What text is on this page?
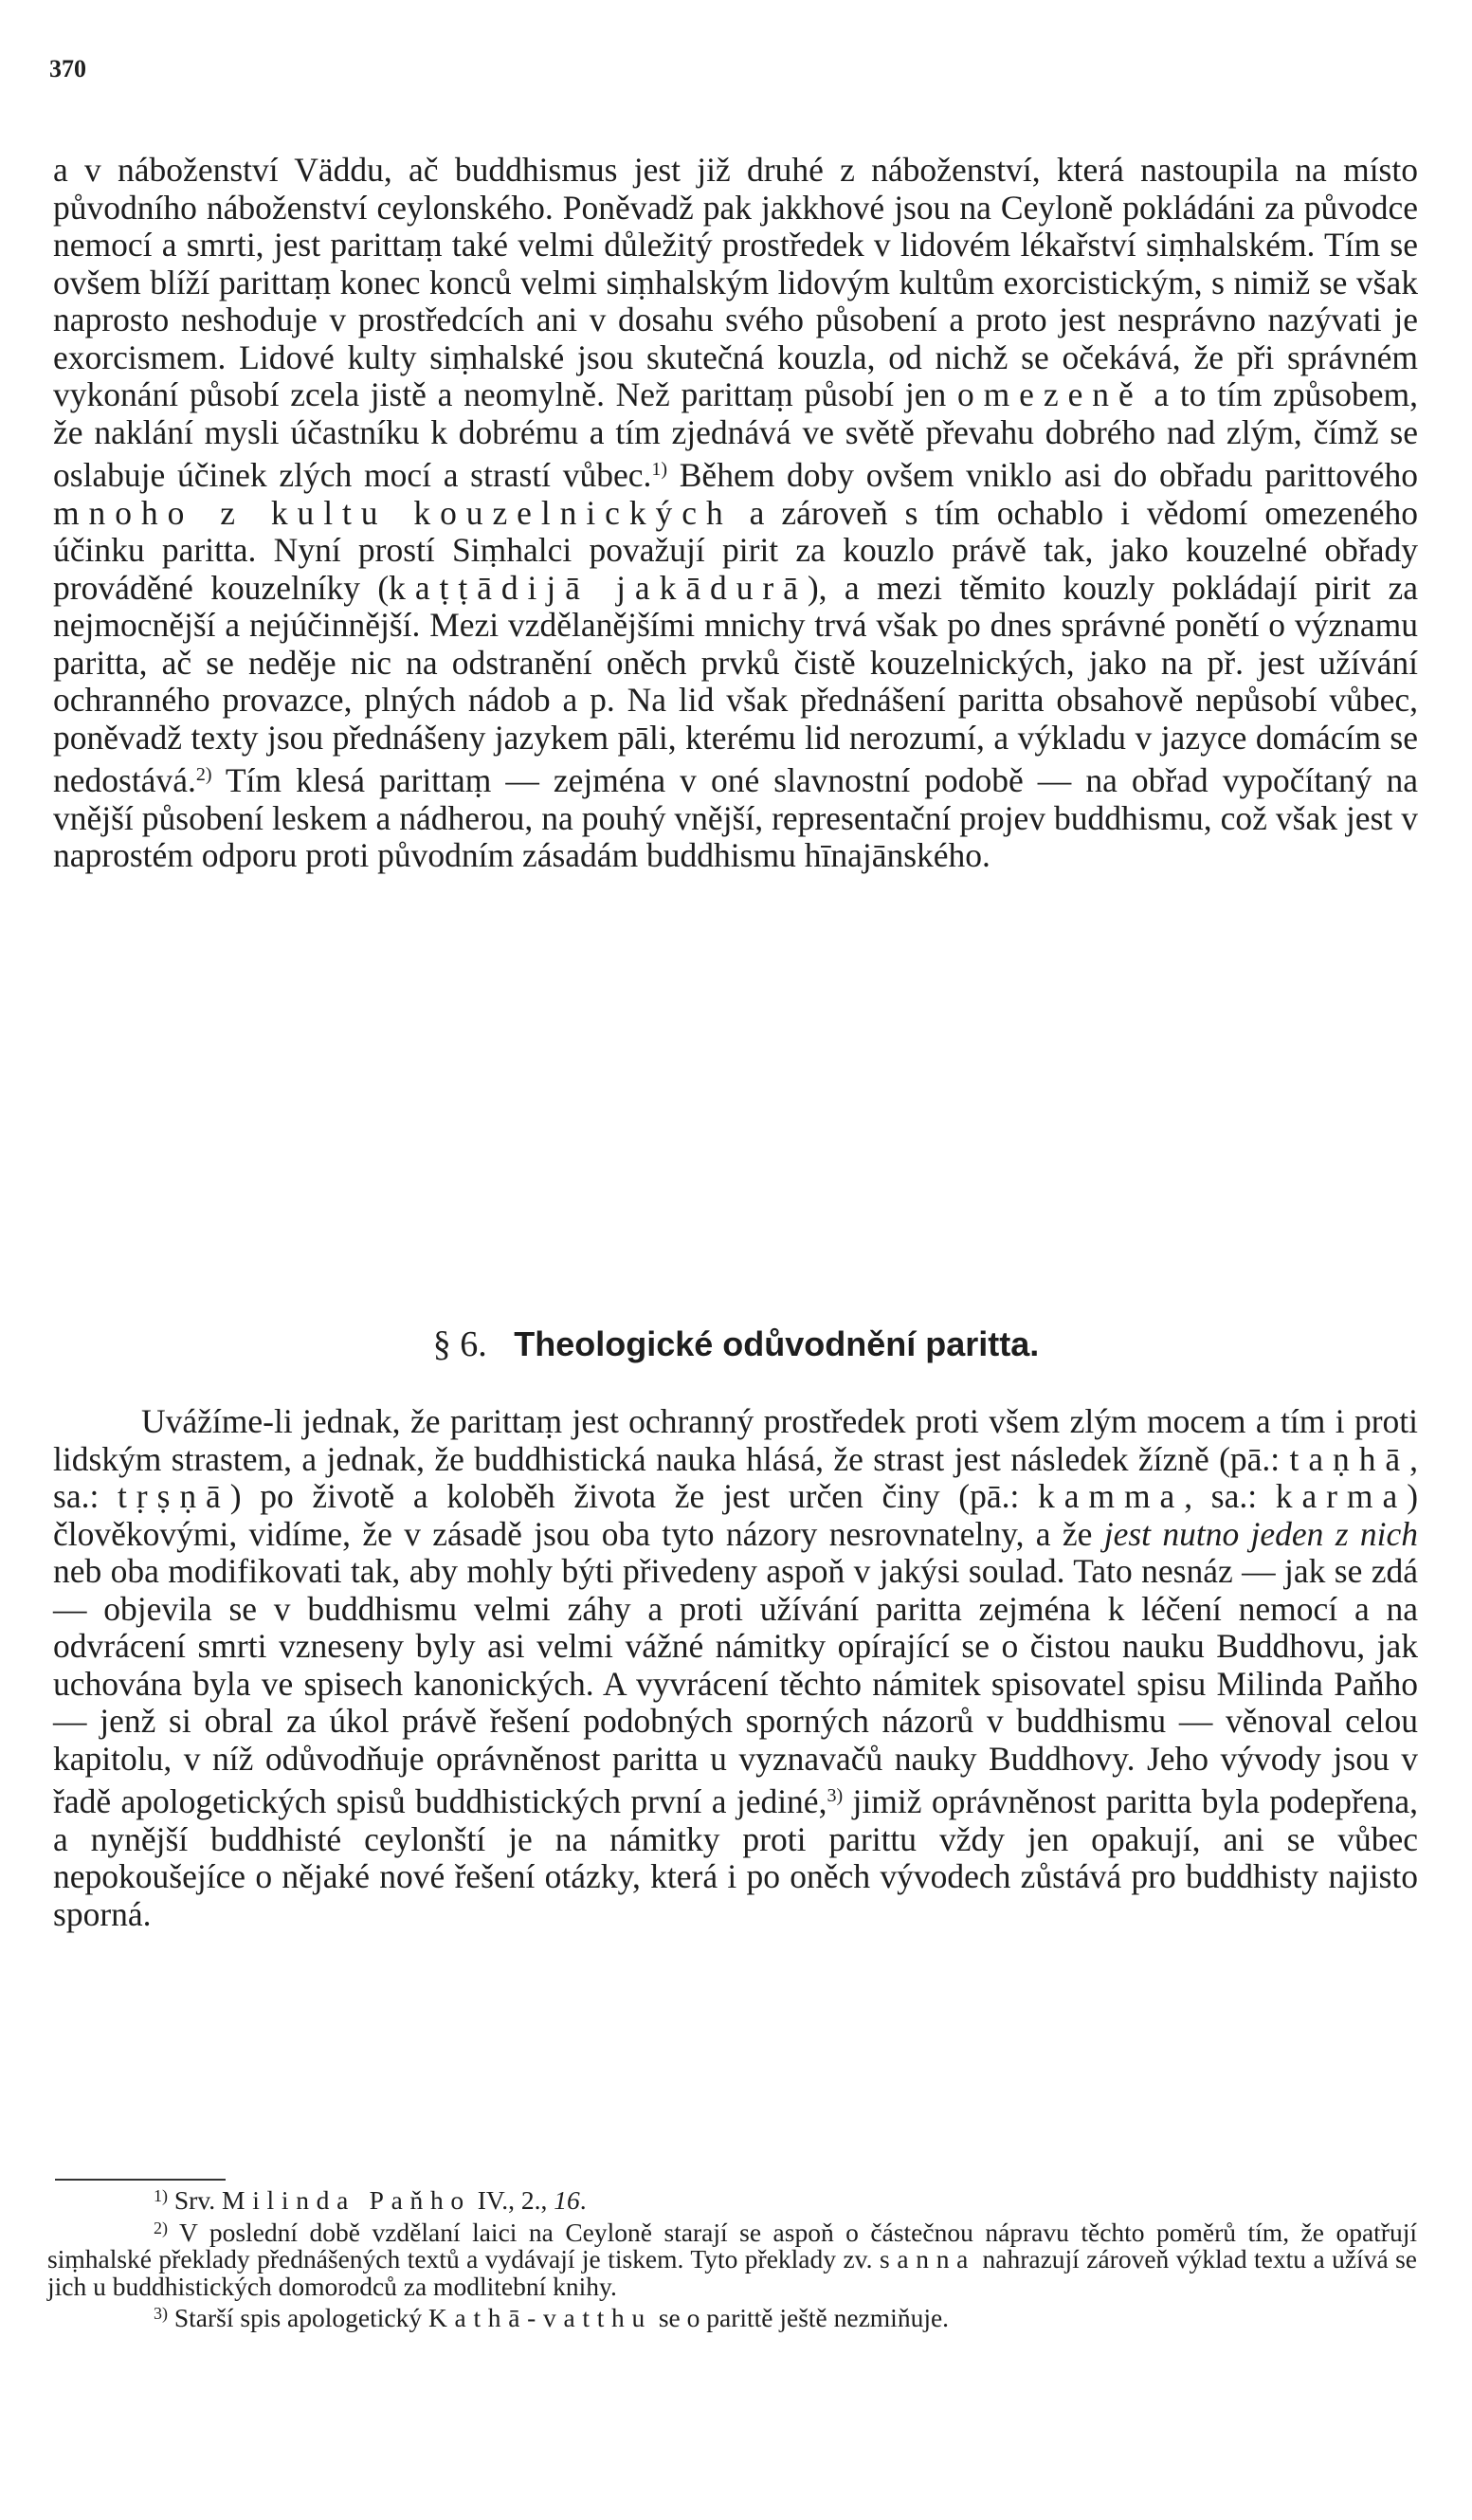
370

a v náboženství Väddu, ač buddhismus jest již druhé z náboženství, která nastoupila na místo původního náboženství ceylonského. Poněvadž pak jakkhové jsou na Ceyloně pokládáni za původce nemocí a smrti, jest parittaṃ také velmi důležitý prostředek v lidovém lékařství siṃhalském. Tím se ovšem blíží parittaṃ konec konců velmi siṃhalským lidovým kultům exorcistickým, s nimiž se však naprosto neshoduje v prostředcích ani v dosahu svého působení a proto jest nesprávno nazývati je exorcismem. Lidové kulty siṃhalské jsou skutečná kouzla, od nichž se očekává, že při správném vykonání působí zcela jistě a neomylně. Než parittaṃ působí jen omezeně a to tím způsobem, že naklání mysli účastníku k dobrému a tím zjednává ve světě převahu dobrého nad zlým, čímž se oslabuje účinek zlých mocí a strastí vůbec.$^{1)}$ Během doby ovšem vniklo asi do obřadu parittového mnoho z kultu kouzelnických a zároveň s tím ochablo i vědomí omezeného účinku paritta. Nyní prostí Siṃhalci považují pirit za kouzlo právě tak, jako kouzelné obřady prováděné kouzelníky (kaṭṭādijā jakādurā), a mezi těmito kouzly pokládají pirit za nejmocnější a nejúčinnější. Mezi vzdělanějšími mnichy trvá však po dnes správné ponětí o významu paritta, ač se neděje nic na odstranění oněch prvků čistě kouzelnických, jako na př. jest užívání ochranného provazce, plných nádob a p. Na lid však přednášení paritta obsahově nepůsobí vůbec, poněvadž texty jsou přednášeny jazykem pāli, kterému lid nerozumí, a výkladu v jazyce domácím se nedostává.$^{2)}$ Tím klesá parittaṃ — zejména v oné slavnostní podobě — na obřad vypočítaný na vnější působení leskem a nádherou, na pouhý vnější, representační projev buddhismu, což však jest v naprostém odporu proti původním zásadám buddhismu hīnajānského.

§ 6. Theologické odůvodnění paritta.

Uvážíme-li jednak, že parittaṃ jest ochranný prostředek proti všem zlým mocem a tím i proti lidským strastem, a jednak, že buddhistická nauka hlásá, že strast jest následek žízně (pā.: taṇhā, sa.: tṛṣṇā) po životě a koloběh života že jest určen činy (pā.: kamma, sa.: karma) člověkovými, vidíme, že v zásadě jsou oba tyto názory nesrovnatelny, a že jest nutno jeden z nich neb oba modifikovati tak, aby mohly býti přivedeny aspoň v jakýsi soulad. Tato nesnáz — jak se zdá — objevila se v buddhismu velmi záhy a proti užívání paritta zejména k léčení nemocí a na odvrácení smrti vzneseny byly asi velmi vážné námitky opírající se o čistou nauku Buddhovu, jak uchována byla ve spisech kanonických. A vyvrácení těchto námitek spisovatel spisu Milinda Paňho — jenž si obral za úkol právě řešení podobných sporných názorů v buddhismu — věnoval celou kapitolu, v níž odůvodňuje oprávněnost paritta u vyznavačů nauky Buddhovy. Jeho vývody jsou v řadě apologetických spisů buddhistických první a jediné,$^{3)}$ jimiž oprávněnost paritta byla podepřena, a nynější buddhisté ceylonští je na námitky proti parittu vždy jen opakují, ani se vůbec nepokoušejíce o nějaké nové řešení otázky, která i po oněch vývodech zůstává pro buddhisty najisto sporná.

$^{1)}$ Srv. Milinda Paňho IV., 2., 16.

$^{2)}$ V poslední době vzdělaní laici na Ceyloně starají se aspoň o částečnou nápravu těchto poměrů tím, že opatřují siṃhalské překlady přednášených textů a vydávají je tiskem. Tyto překlady zv. sanna nahrazují zároveň výklad textu a užívá se jich u buddhistických domorodců za modlitební knihy.

$^{3)}$ Starší spis apologetický Kathā-vatthu se o parittě ještě nezmiňuje.
